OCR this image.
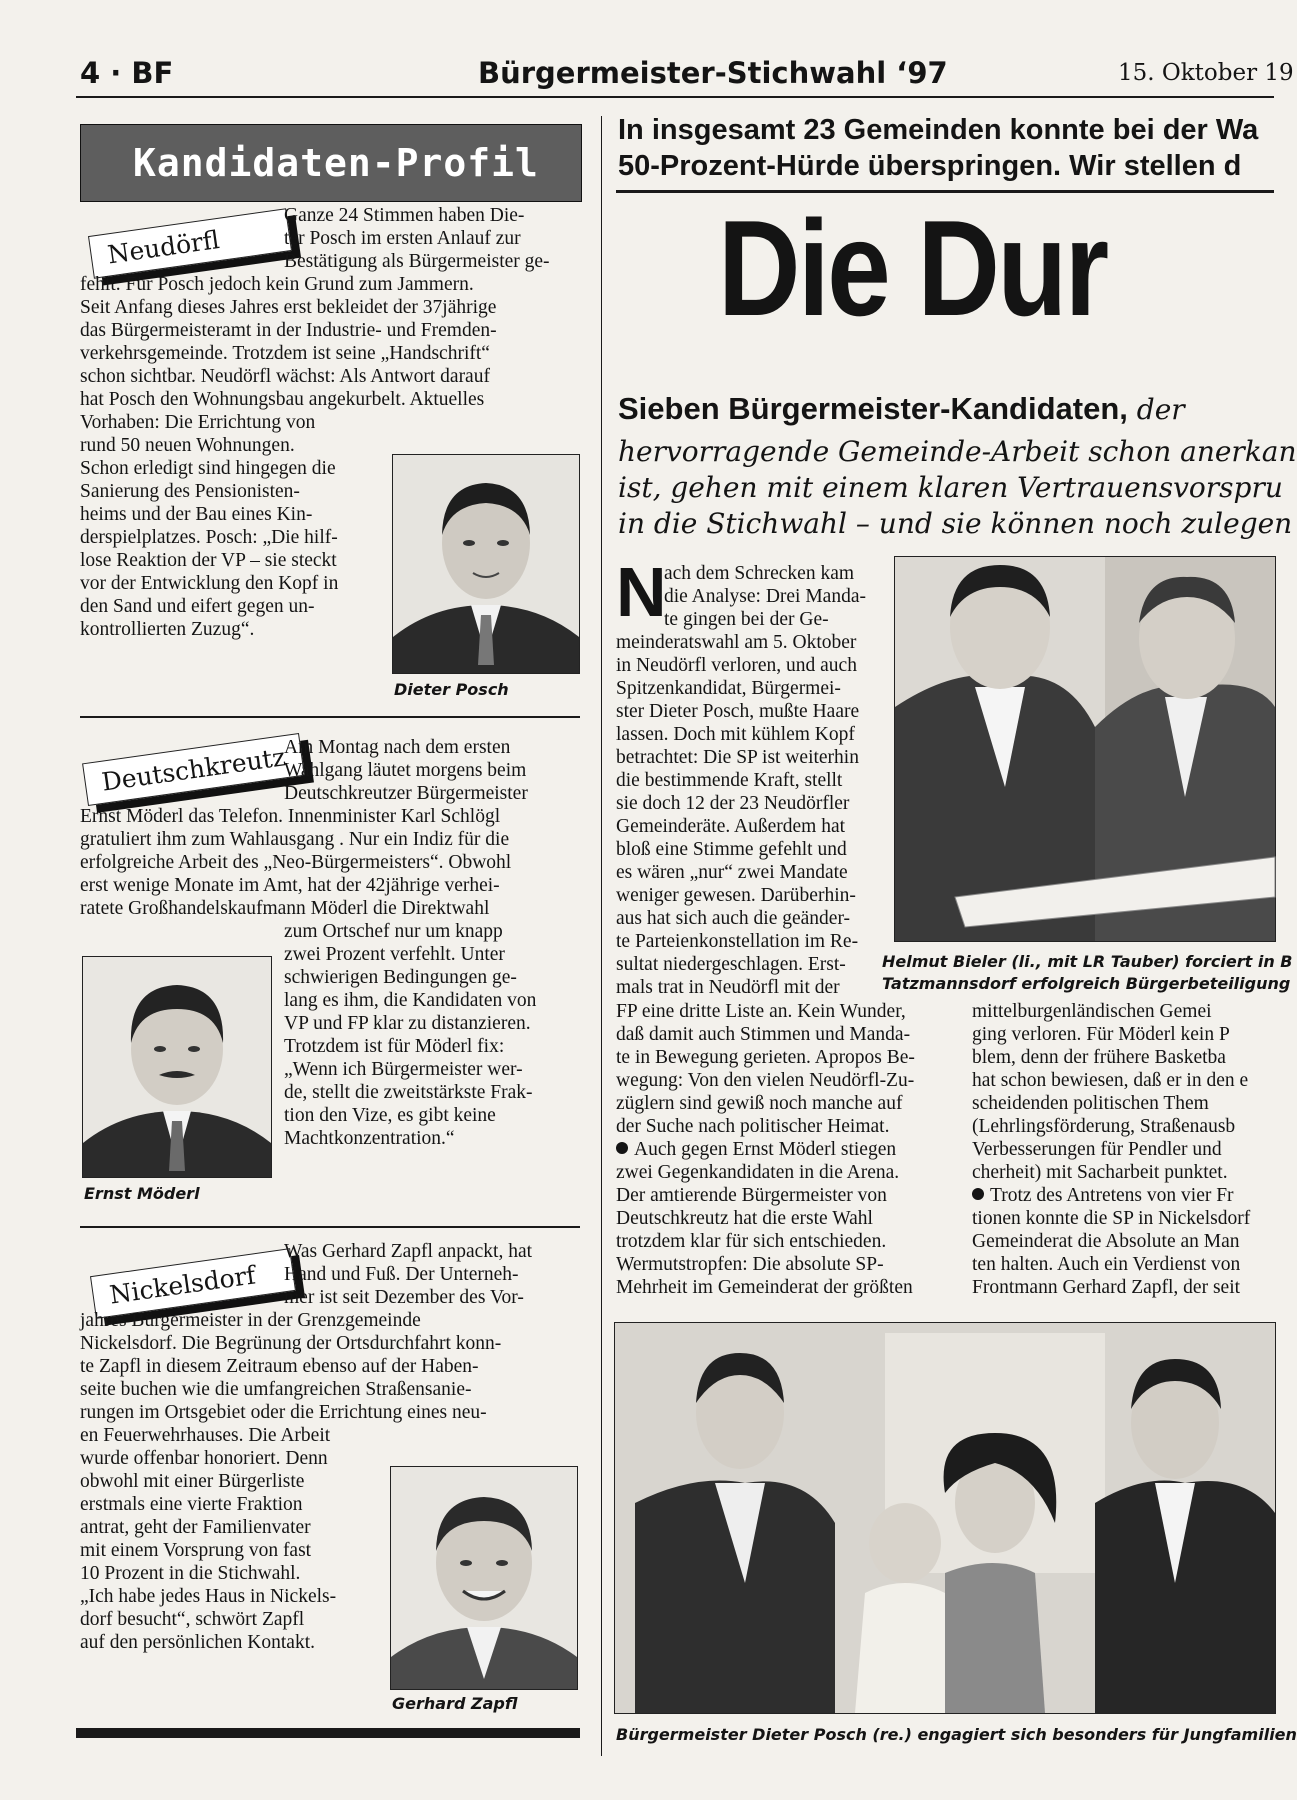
4 · BF	Bürgermeister-Stichwahl ‘97	15. Oktober 19
Kandidaten-Profil
Neudörfl
Ganze 24 Stimmen haben Die-
ter Posch im ersten Anlauf zur
Bestätigung als Bürgermeister ge-
fehlt. Für Posch jedoch kein Grund zum Jammern.
Seit Anfang dieses Jahres erst bekleidet der 37jährige
das Bürgermeisteramt in der Industrie- und Fremden-
verkehrsgemeinde. Trotzdem ist seine „Handschrift“
schon sichtbar. Neudörfl wächst: Als Antwort darauf
hat Posch den Wohnungsbau angekurbelt. Aktuelles
Vorhaben: Die Errichtung von
rund 50 neuen Wohnungen.
Schon erledigt sind hingegen die
Sanierung des Pensionisten-
heims und der Bau eines Kin-
derspielplatzes. Posch: „Die hilf-
lose Reaktion der VP – sie steckt
vor der Entwicklung den Kopf in
den Sand und eifert gegen un-
kontrollierten Zuzug“.
Dieter Posch
Deutschkreutz
Am Montag nach dem ersten
Wahlgang läutet morgens beim
Deutschkreutzer Bürgermeister
Ernst Möderl das Telefon. Innenminister Karl Schlögl
gratuliert ihm zum Wahlausgang . Nur ein Indiz für die
erfolgreiche Arbeit des „Neo-Bürgermeisters“. Obwohl
erst wenige Monate im Amt, hat der 42jährige verhei-
ratete Großhandelskaufmann Möderl die Direktwahl
zum Ortschef nur um knapp
zwei Prozent verfehlt. Unter
schwierigen Bedingungen ge-
lang es ihm, die Kandidaten von
VP und FP klar zu distanzieren.
Trotzdem ist für Möderl fix:
„Wenn ich Bürgermeister wer-
de, stellt die zweitstärkste Frak-
tion den Vize, es gibt keine
Machtkonzentration.“
Ernst Möderl
Nickelsdorf
Was Gerhard Zapfl anpackt, hat
Hand und Fuß. Der Unterneh-
mer ist seit Dezember des Vor-
jahres Bürgermeister in der Grenzgemeinde
Nickelsdorf. Die Begrünung der Ortsdurchfahrt konn-
te Zapfl in diesem Zeitraum ebenso auf der Haben-
seite buchen wie die umfangreichen Straßensanie-
rungen im Ortsgebiet oder die Errichtung eines neu-
en Feuerwehrhauses. Die Arbeit
wurde offenbar honoriert. Denn
obwohl mit einer Bürgerliste
erstmals eine vierte Fraktion
antrat, geht der Familienvater
mit einem Vorsprung von fast
10 Prozent in die Stichwahl.
„Ich habe jedes Haus in Nickels-
dorf besucht“, schwört Zapfl
auf den persönlichen Kontakt.
Gerhard Zapfl
In insgesamt 23 Gemeinden konnte bei der Wa
50-Prozent-Hürde überspringen. Wir stellen d
Die Dur
Sieben Bürgermeister-Kandidaten, der
hervorragende Gemeinde-Arbeit schon anerkan
ist, gehen mit einem klaren Vertrauensvorspru
in die Stichwahl – und sie können noch zulegen
N
ach dem Schrecken kam
die Analyse: Drei Manda-
te gingen bei der Ge-
meinderatswahl am 5. Oktober
in Neudörfl verloren, und auch
Spitzenkandidat, Bürgermei-
ster Dieter Posch, mußte Haare
lassen. Doch mit kühlem Kopf
betrachtet: Die SP ist weiterhin
die bestimmende Kraft, stellt
sie doch 12 der 23 Neudörfler
Gemeinderäte. Außerdem hat
bloß eine Stimme gefehlt und
es wären „nur“ zwei Mandate
weniger gewesen. Darüberhin-
aus hat sich auch die geänder-
te Parteienkonstellation im Re-
sultat niedergeschlagen. Erst-
mals trat in Neudörfl mit der
FP eine dritte Liste an. Kein Wunder,
daß damit auch Stimmen und Manda-
te in Bewegung gerieten. Apropos Be-
wegung: Von den vielen Neudörfl-Zu-
züglern sind gewiß noch manche auf
der Suche nach politischer Heimat.
Auch gegen Ernst Möderl stiegen
zwei Gegenkandidaten in die Arena.
Der amtierende Bürgermeister von
Deutschkreutz hat die erste Wahl
trotzdem klar für sich entschieden.
Wermutstropfen: Die absolute SP-
Mehrheit im Gemeinderat der größten
Helmut Bieler (li., mit LR Tauber) forciert in B
Tatzmannsdorf erfolgreich Bürgerbeteiligung
mittelburgenländischen Gemei
ging verloren. Für Möderl kein P
blem, denn der frühere Basketba
hat schon bewiesen, daß er in den e
scheidenden politischen Them
(Lehrlingsförderung, Straßenausb
Verbesserungen für Pendler und
cherheit) mit Sacharbeit punktet.
Trotz des Antretens von vier Fr
tionen konnte die SP in Nickelsdorf
Gemeinderat die Absolute an Man
ten halten. Auch ein Verdienst von
Frontmann Gerhard Zapfl, der seit
Bürgermeister Dieter Posch (re.) engagiert sich besonders für Jungfamilien
